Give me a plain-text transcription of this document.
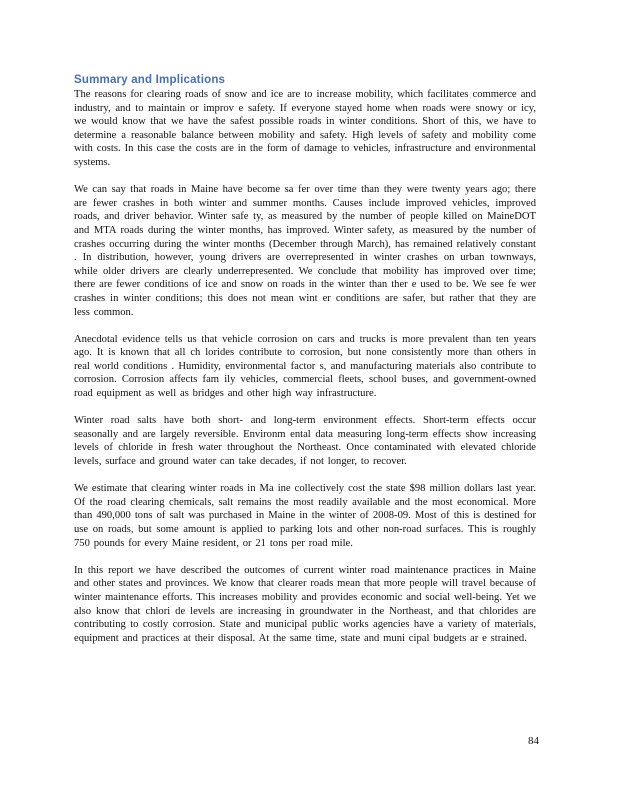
Summary and Implications

The reasons for clearing roads of snow and ice are to increase mobility, which facilitates commerce and industry, and to maintain or improv e safety. If everyone stayed home when roads were snowy or icy, we would know that we have the safest possible roads in winter conditions. Short of this, we have to determine a reasonable balance between mobility and safety. High levels of safety and mobility come with costs. In this case the costs are in the form of damage to vehicles, infrastructure and environmental systems.

We can say that roads in Maine have become sa fer over time than they were twenty years ago; there are fewer crashes in both winter and summer months. Causes include improved vehicles, improved roads, and driver behavior. Winter safe ty, as measured by the number of people killed on MaineDOT and MTA roads during the winter months, has improved. Winter safety, as measured by the number of crashes occurring during the winter months (December through March), has remained relatively constant . In distribution, however, young drivers are overrepresented in winter crashes on urban townways, while older drivers are clearly underrepresented. We conclude that mobility has improved over time; there are fewer conditions of ice and snow on roads in the winter than ther e used to be. We see fe wer crashes in winter conditions; this does not mean wint er conditions are safer, but rather that they are less common.

Anecdotal evidence tells us that vehicle corrosion on cars and trucks is more prevalent than ten years ago. It is known that all ch lorides contribute to corrosion, but none consistently more than others in real world conditions . Humidity, environmental factor s, and manufacturing materials also contribute to corrosion. Corrosion affects fam ily vehicles, commercial fleets, school buses, and government-owned road equipment as well as bridges and other high way infrastructure.

Winter road salts have both short- and long-term environment effects. Short-term effects occur seasonally and are largely reversible. Environm ental data measuring long-term effects show increasing levels of chloride in fresh water throughout the Northeast. Once contaminated with elevated chloride levels, surface and ground water can take decades, if not longer, to recover.

We estimate that clearing winter roads in Ma ine collectively cost the state $98 million dollars last year. Of the road clearing chemicals, salt remains the most readily available and the most economical. More than 490,000 tons of salt was purchased in Maine in the winter of 2008-09. Most of this is destined for use on roads, but some amount is applied to parking lots and other non-road surfaces. This is roughly 750 pounds for every Maine resident, or 21 tons per road mile.

In this report we have described the outcomes of current winter road maintenance practices in Maine and other states and provinces. We know that clearer roads mean that more people will travel because of winter maintenance efforts. This increases mobility and provides economic and social well-being. Yet we also know that chlori de levels are increasing in groundwater in the Northeast, and that chlorides are contributing to costly corrosion. State and municipal public works agencies have a variety of materials, equipment and practices at their disposal. At the same time, state and muni cipal budgets ar e strained.

84
